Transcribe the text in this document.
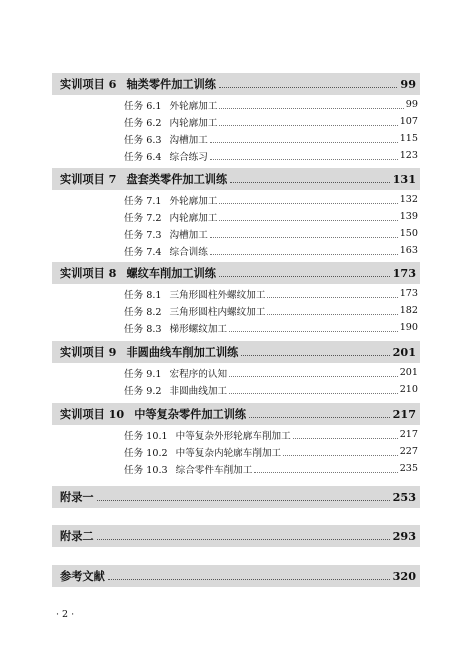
实训项目 6 轴类零件加工训练	99
任务 6.1 外轮廓加工	99
任务 6.2 内轮廓加工	107
任务 6.3 沟槽加工	115
任务 6.4 综合练习	123
实训项目 7 盘套类零件加工训练	131
任务 7.1 外轮廓加工	132
任务 7.2 内轮廓加工	139
任务 7.3 沟槽加工	150
任务 7.4 综合训练	163
实训项目 8 螺纹车削加工训练	173
任务 8.1 三角形圆柱外螺纹加工	173
任务 8.2 三角形圆柱内螺纹加工	182
任务 8.3 梯形螺纹加工	190
实训项目 9 非圆曲线车削加工训练	201
任务 9.1 宏程序的认知	201
任务 9.2 非圆曲线加工	210
实训项目 10 中等复杂零件加工训练	217
任务 10.1 中等复杂外形轮廓车削加工	217
任务 10.2 中等复杂内轮廓车削加工	227
任务 10.3 综合零件车削加工	235
附录一	253
附录二	293
参考文献	320
· 2 ·
